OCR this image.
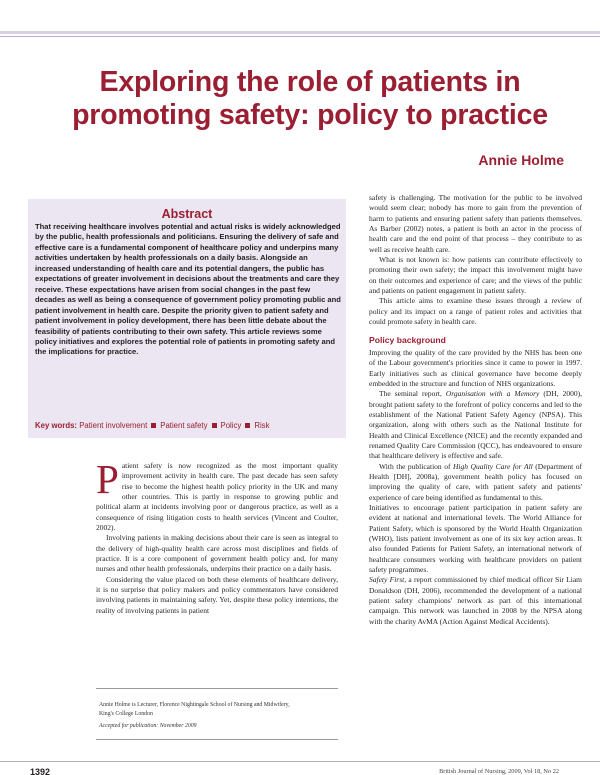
Exploring the role of patients in
promoting safety: policy to practice
Annie Holme
Abstract
That receiving healthcare involves potential and actual risks is widely acknowledged by the public, health professionals and politicians. Ensuring the delivery of safe and effective care is a fundamental component of healthcare policy and underpins many activities undertaken by health professionals on a daily basis. Alongside an increased understanding of health care and its potential dangers, the public has expectations of greater involvement in decisions about the treatments and care they receive. These expectations have arisen from social changes in the past few decades as well as being a consequence of government policy promoting public and patient involvement in health care. Despite the priority given to patient safety and patient involvement in policy development, there has been little debate about the feasibility of patients contributing to their own safety. This article reviews some policy initiatives and explores the potential role of patients in promoting safety and the implications for practice.
Key words: Patient involvement Patient safety Policy Risk

Patient safety is now recognized as the most important quality improvement activity in health care. The past decade has seen safety rise to become the highest health policy priority in the UK and many other countries. This is partly in response to growing public and political alarm at incidents involving poor or dangerous practice, as well as a consequence of rising litigation costs to health services (Vincent and Coulter, 2002).

Involving patients in making decisions about their care is seen as integral to the delivery of high-quality health care across most disciplines and fields of practice. It is a core component of government health policy and, for many nurses and other health professionals, underpins their practice on a daily basis.

Considering the value placed on both these elements of healthcare delivery, it is no surprise that policy makers and policy commentators have considered involving patients in maintaining safety. Yet, despite these policy intentions, the reality of involving patients in patient

Annie Holme is Lecturer, Florence Nightingale School of Nursing and Midwifery, King's College London
Accepted for publication: November 2009

safety is challenging. The motivation for the public to be involved would seem clear; nobody has more to gain from the prevention of harm to patients and ensuring patient safety than patients themselves. As Barber (2002) notes, a patient is both an actor in the process of health care and the end point of that process – they contribute to as well as receive health care.

What is not known is: how patients can contribute effectively to promoting their own safety; the impact this involvement might have on their outcomes and experience of care; and the views of the public and patients on patient engagement in patient safety.

This article aims to examine these issues through a review of policy and its impact on a range of patient roles and activities that could promote safety in health care.

Policy background

Improving the quality of the care provided by the NHS has been one of the Labour government's priorities since it came to power in 1997. Early initiatives such as clinical governance have become deeply embedded in the structure and function of NHS organizations.

The seminal report, Organisation with a Memory (DH, 2000), brought patient safety to the forefront of policy concerns and led to the establishment of the National Patient Safety Agency (NPSA). This organization, along with others such as the National Institute for Health and Clinical Excellence (NICE) and the recently expanded and renamed Quality Care Commission (QCC), has endeavoured to ensure that healthcare delivery is effective and safe.

With the publication of High Quality Care for All (Department of Health [DH], 2008a), government health policy has focused on improving the quality of care, with patient safety and patients' experience of care being identified as fundamental to this.

Initiatives to encourage patient participation in patient safety are evident at national and international levels. The World Alliance for Patient Safety, which is sponsored by the World Health Organization (WHO), lists patient involvement as one of its six key action areas. It also founded Patients for Patient Safety, an international network of healthcare consumers working with healthcare providers on patient safety programmes.

Safety First, a report commissioned by chief medical officer Sir Liam Donaldson (DH, 2006), recommended the development of a national patient safety champions' network as part of this international campaign. This network was launched in 2008 by the NPSA along with the charity AvMA (Action Against Medical Accidents).

1392	British Journal of Nursing, 2009, Vol 18, No 22
